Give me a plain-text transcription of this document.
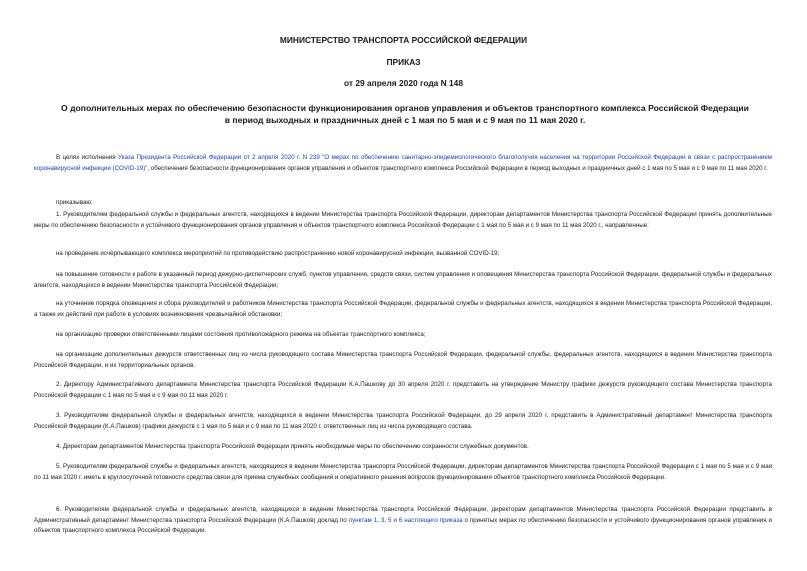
МИНИСТЕРСТВО ТРАНСПОРТА РОССИЙСКОЙ ФЕДЕРАЦИИ
ПРИКАЗ
от 29 апреля 2020 года N 148
О дополнительных мерах по обеспечению безопасности функционирования органов управления и объектов транспортного комплекса Российской Федерации в период выходных и праздничных дней с 1 мая по 5 мая и с 9 мая по 11 мая 2020 г.
В целях исполнения Указа Президента Российской Федерации от 2 апреля 2020 г. N 239 "О мерах по обеспечению санитарно-эпидемиологического благополучия населения на территории Российской Федерации в связи с распространением коронавирусной инфекции (COVID-19)", обеспечения безопасности функционирования органов управления и объектов транспортного комплекса Российской Федерации в период выходных и праздничных дней с 1 мая по 5 мая и с 9 мая по 11 мая 2020 г.
приказываю:
1. Руководителям федеральной службы и федеральных агентств, находящихся в ведении Министерства транспорта Российской Федерации, директорам департаментов Министерства транспорта Российской Федерации принять дополнительные меры по обеспечению безопасности и устойчивого функционирования органов управления и объектов транспортного комплекса Российской Федерации с 1 мая по 5 мая и с 9 мая по 11 мая 2020 г., направленные:
на проведение исчерпывающего комплекса мероприятий по противодействию распространению новой коронавирусной инфекции, вызванной COVID-19;
на повышение готовности к работе в указанный период дежурно-диспетчерских служб, пунктов управления, средств связи, систем управления и оповещения Министерства транспорта Российской Федерации, федеральной службы и федеральных агентств, находящихся в ведении Министерства транспорта Российской Федерации;
на уточнение порядка оповещения и сбора руководителей и работников Министерства транспорта Российской Федерации, федеральной службы и федеральных агентств, находящихся в ведении Министерства транспорта Российской Федерации, а также их действий при работе в условиях возникновения чрезвычайной обстановки;
на организацию проверки ответственными лицами состояния противопожарного режима на объектах транспортного комплекса;
на организацию дополнительных дежурств ответственных лиц из числа руководящего состава Министерства транспорта Российской Федерации, федеральной службы, федеральных агентств, находящихся в ведении Министерства транспорта Российской Федерации, и их территориальных органов.
2. Директору Административного департамента Министерства транспорта Российской Федерации К.А.Пашкову до 30 апреля 2020 г. представить на утверждение Министру графики дежурств руководящего состава Министерства транспорта Российской Федерации с 1 мая по 5 мая и с 9 мая по 11 мая 2020 г.
3. Руководителям федеральной службы и федеральных агентств, находящихся в ведении Министерства транспорта Российской Федерации, до 29 апреля 2020 г. представить в Административный департамент Министерства транспорта Российской Федерации (К.А.Пашков) графики дежурств с 1 мая по 5 мая и с 9 мая по 11 мая 2020 г. ответственных лиц из числа руководящего состава.
4. Директорам департаментов Министерства транспорта Российской Федерации принять необходимые меры по обеспечению сохранности служебных документов.
5. Руководителям федеральной службы и федеральных агентств, находящихся в ведении Министерства транспорта Российской Федерации, директорам департаментов Министерства транспорта Российской Федерации с 1 мая по 5 мая и с 9 мая по 11 мая 2020 г. иметь в круглосуточной готовности средства связи для приема служебных сообщений и оперативного решения вопросов функционирования объектов транспортного комплекса Российской Федерации.
6. Руководителям федеральной службы и федеральных агентств, находящихся в ведении Министерства транспорта Российской Федерации, директорам департаментов Министерства транспорта Российской Федерации представить в Административный департамент Министерства транспорта Российской Федерации (К.А.Пашков) доклад по пунктам 1, 3, 5 и 6 настоящего приказа о принятых мерах по обеспечению безопасности и устойчивого функционирования органов управления и объектов транспортного комплекса Российской Федерации.
